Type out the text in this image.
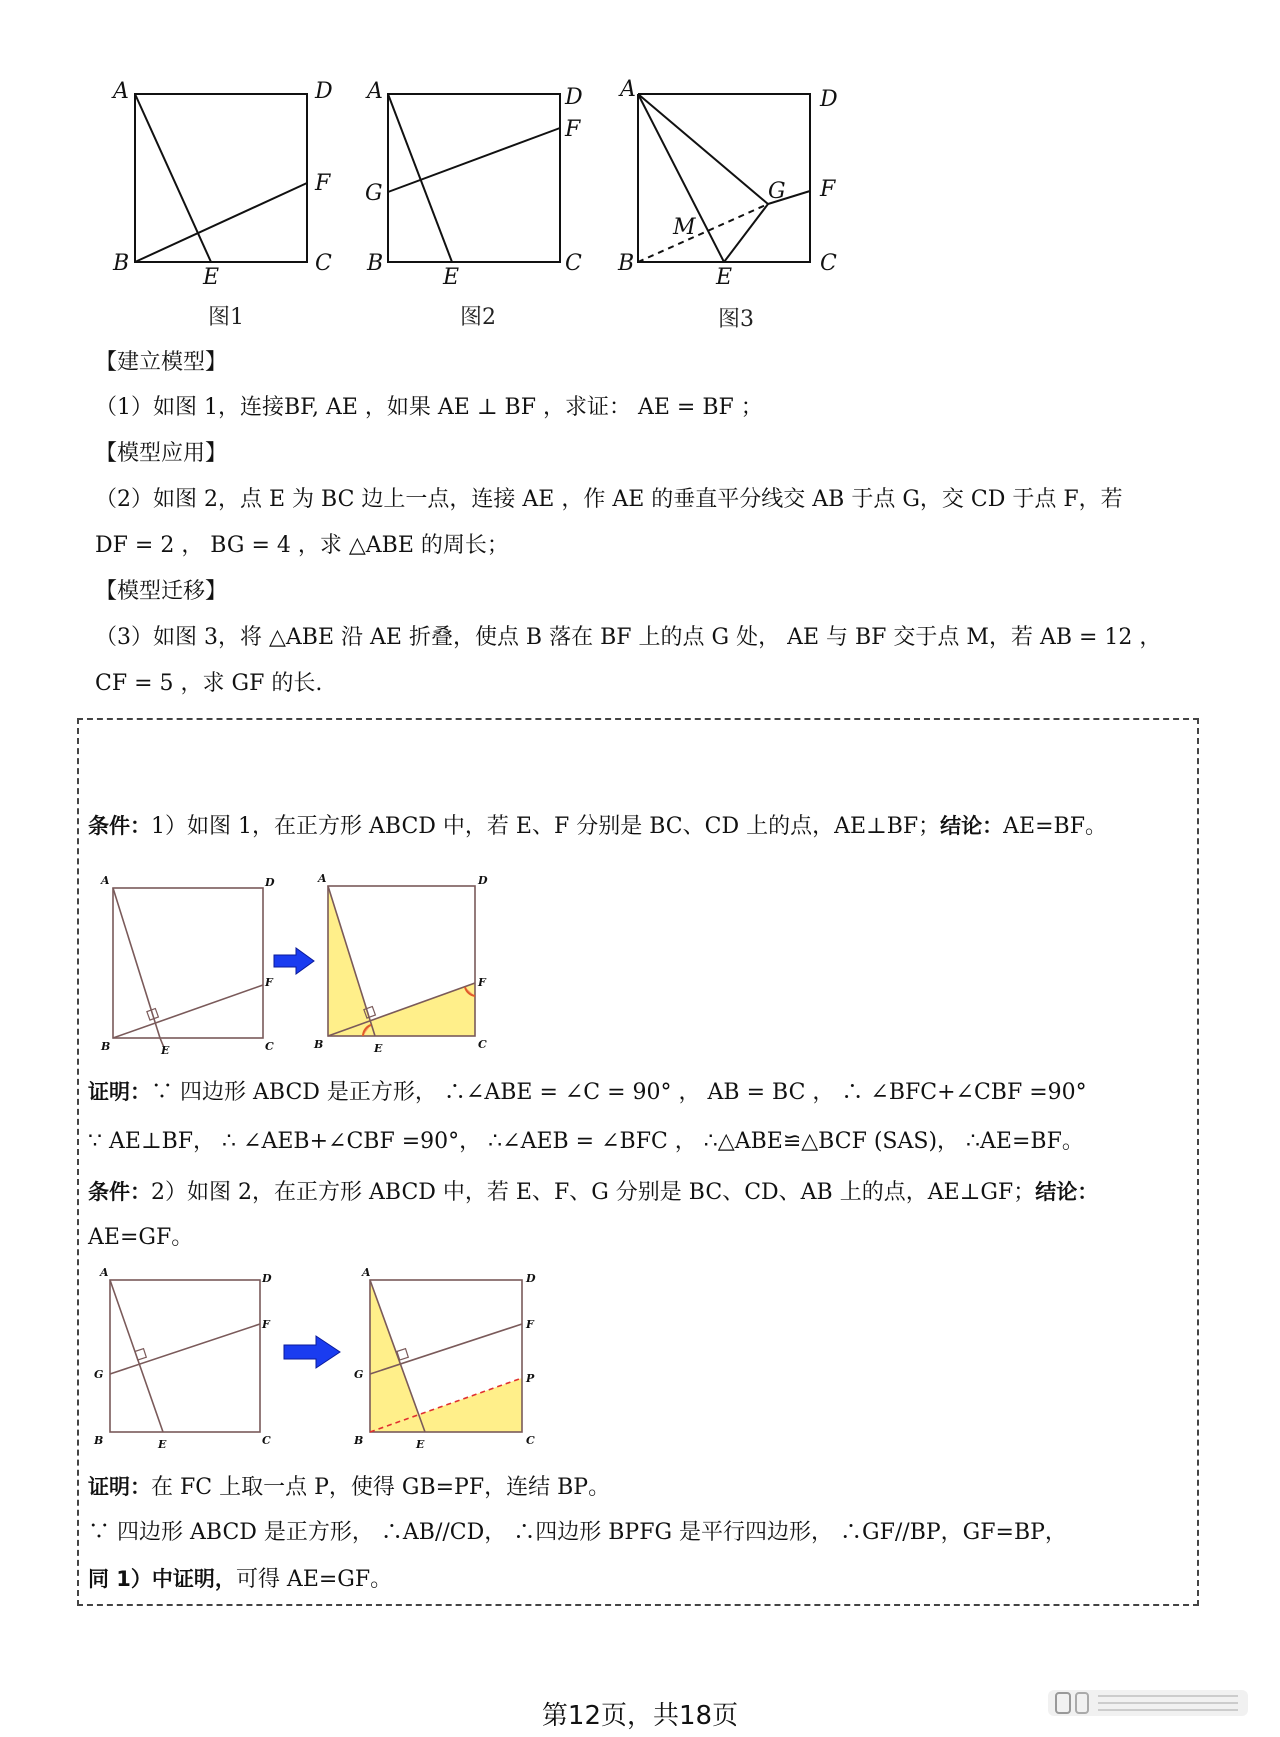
A	D
B	C
E
F
A	D
F
G
B
E
C
A	D
G F
M
B
E
C
图1	图2	图3
【建立模型】
（1）如图 1，连接BF, AE ，如果 AE ⊥ BF ，求证： AE = BF ；
【模型应用】
（2）如图 2，点 E 为 BC 边上一点，连接 AE ，作 AE 的垂直平分线交 AB 于点 G，交 CD 于点 F，若
DF = 2 ， BG = 4 ，求 △ABE 的周长；
【模型迁移】
（3）如图 3，将 △ABE 沿 AE 折叠，使点 B 落在 BF 上的点 G 处， AE 与 BF 交于点 M，若 AB = 12 ，
CF = 5 ，求 GF 的长.
条件：1）如图 1，在正方形 ABCD 中，若 E、F 分别是 BC、CD 上的点，AE⊥BF；结论：AE=BF。
A	D
F
B	E	C
A	D
F
B	E	C
证明：∵ 四边形 ABCD 是正方形， ∴∠ABE = ∠C = 90° ， AB = BC ， ∴ ∠BFC+∠CBF =90°
∵ AE⊥BF， ∴ ∠AEB+∠CBF =90°， ∴∠AEB = ∠BFC ， ∴△ABE≌△BCF (SAS)， ∴AE=BF。
条件：2）如图 2，在正方形 ABCD 中，若 E、F、G 分别是 BC、CD、AB 上的点，AE⊥GF；结论：
AE=GF。
A	D
F
G
B	E	C
A	D
F
P
G
B	E	C
证明：在 FC 上取一点 P，使得 GB=PF，连结 BP。
∵ 四边形 ABCD 是正方形， ∴AB//CD， ∴四边形 BPFG 是平行四边形， ∴GF//BP，GF=BP，
同 1）中证明，可得 AE=GF。
第12页，共18页
